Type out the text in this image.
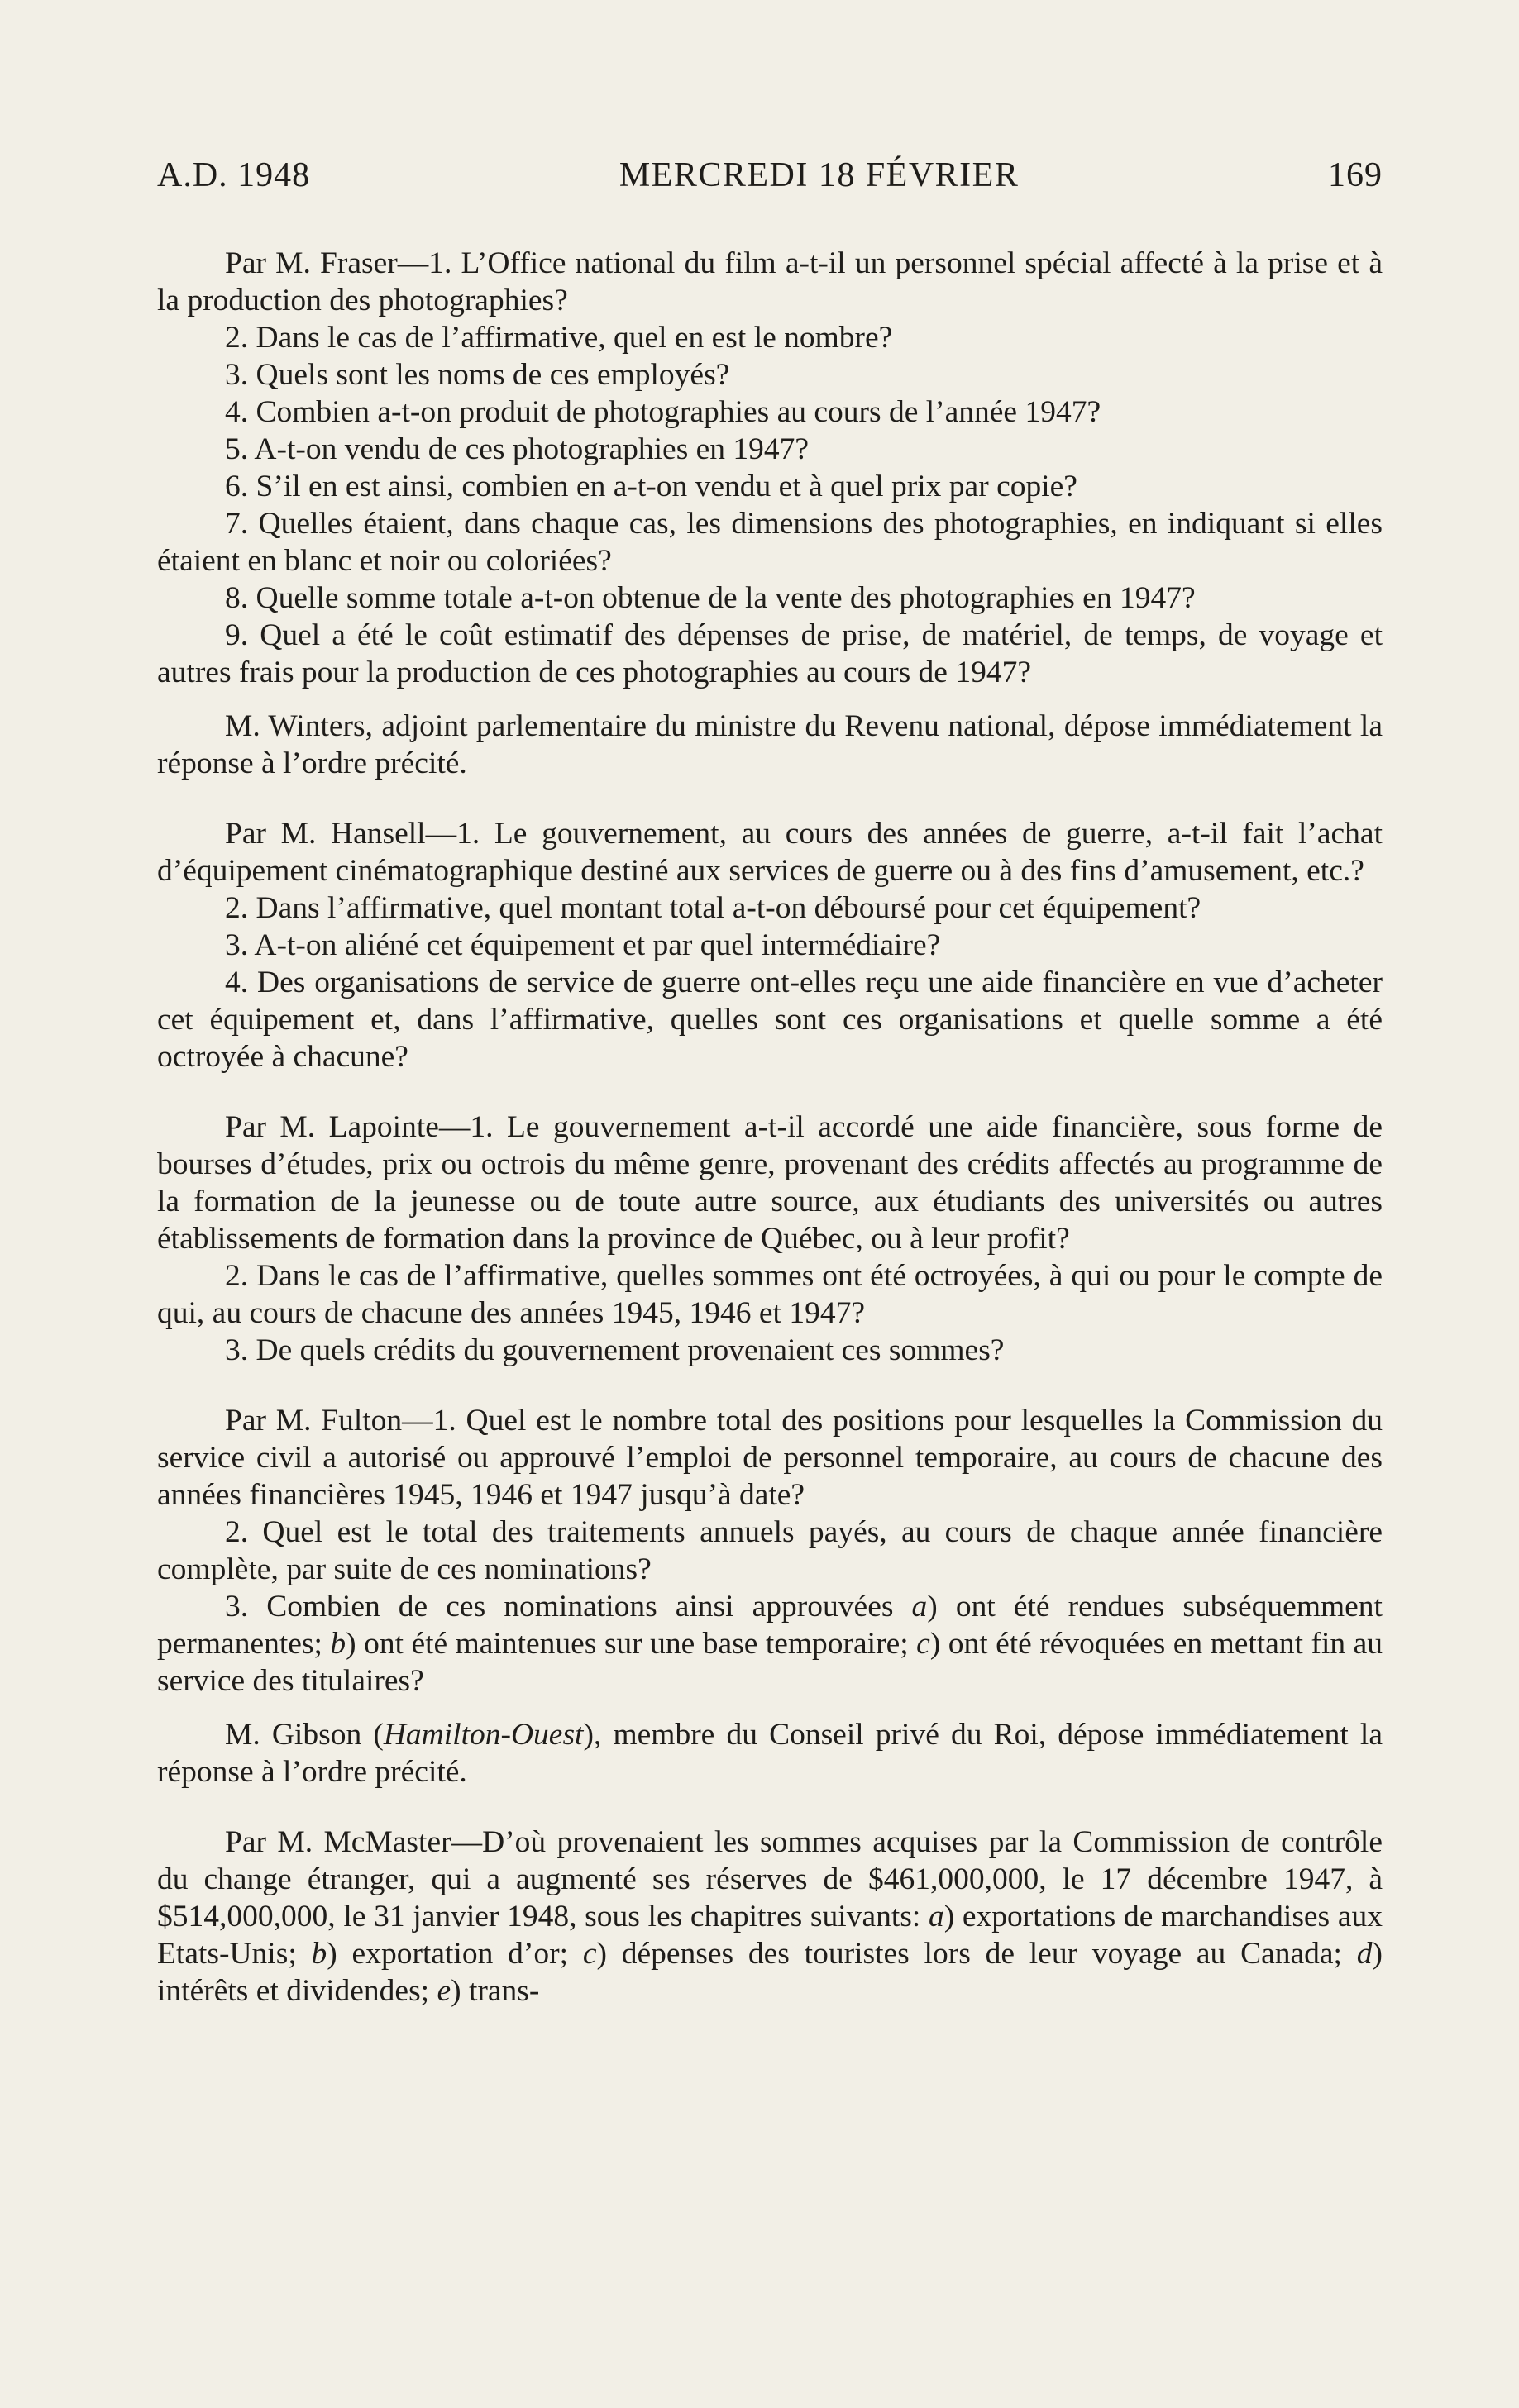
A.D. 1948	MERCREDI 18 FÉVRIER	169

Par M. Fraser—1. L’Office national du film a-t-il un personnel spécial affecté à la prise et à la production des photographies?

2. Dans le cas de l’affirmative, quel en est le nombre?

3. Quels sont les noms de ces employés?

4. Combien a-t-on produit de photographies au cours de l’année 1947?

5. A-t-on vendu de ces photographies en 1947?

6. S’il en est ainsi, combien en a-t-on vendu et à quel prix par copie?

7. Quelles étaient, dans chaque cas, les dimensions des photographies, en indiquant si elles étaient en blanc et noir ou coloriées?

8. Quelle somme totale a-t-on obtenue de la vente des photographies en 1947?

9. Quel a été le coût estimatif des dépenses de prise, de matériel, de temps, de voyage et autres frais pour la production de ces photographies au cours de 1947?

M. Winters, adjoint parlementaire du ministre du Revenu national, dépose immédiatement la réponse à l’ordre précité.

Par M. Hansell—1. Le gouvernement, au cours des années de guerre, a-t-il fait l’achat d’équipement cinématographique destiné aux services de guerre ou à des fins d’amusement, etc.?

2. Dans l’affirmative, quel montant total a-t-on déboursé pour cet équipement?

3. A-t-on aliéné cet équipement et par quel intermédiaire?

4. Des organisations de service de guerre ont-elles reçu une aide financière en vue d’acheter cet équipement et, dans l’affirmative, quelles sont ces organisations et quelle somme a été octroyée à chacune?

Par M. Lapointe—1. Le gouvernement a-t-il accordé une aide financière, sous forme de bourses d’études, prix ou octrois du même genre, provenant des crédits affectés au programme de la formation de la jeunesse ou de toute autre source, aux étudiants des universités ou autres établissements de formation dans la province de Québec, ou à leur profit?

2. Dans le cas de l’affirmative, quelles sommes ont été octroyées, à qui ou pour le compte de qui, au cours de chacune des années 1945, 1946 et 1947?

3. De quels crédits du gouvernement provenaient ces sommes?

Par M. Fulton—1. Quel est le nombre total des positions pour lesquelles la Commission du service civil a autorisé ou approuvé l’emploi de personnel temporaire, au cours de chacune des années financières 1945, 1946 et 1947 jusqu’à date?

2. Quel est le total des traitements annuels payés, au cours de chaque année financière complète, par suite de ces nominations?

3. Combien de ces nominations ainsi approuvées a) ont été rendues subséquemment permanentes; b) ont été maintenues sur une base temporaire; c) ont été révoquées en mettant fin au service des titulaires?

M. Gibson (Hamilton-Ouest), membre du Conseil privé du Roi, dépose immédiatement la réponse à l’ordre précité.

Par M. McMaster—D’où provenaient les sommes acquises par la Commission de contrôle du change étranger, qui a augmenté ses réserves de $461,000,000, le 17 décembre 1947, à $514,000,000, le 31 janvier 1948, sous les chapitres suivants: a) exportations de marchandises aux Etats-Unis; b) exportation d’or; c) dépenses des touristes lors de leur voyage au Canada; d) intérêts et dividendes; e) trans-
